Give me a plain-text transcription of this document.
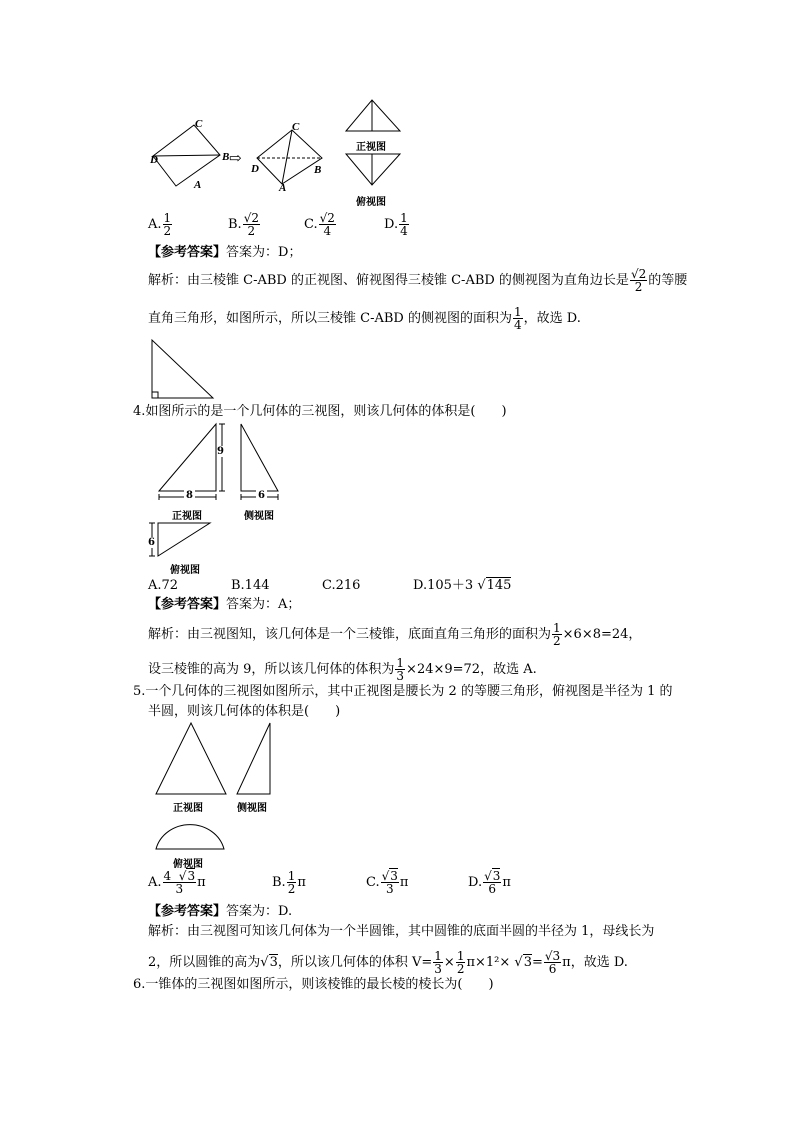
C
D	B
A
⇨
C
D	B
A
正视图
俯视图
A. $\frac{1}{2}$	B. $\frac{√2}{2}$	C. $\frac{√2}{4}$	D. $\frac{1}{4}$
【参考答案】答案为：D；
解析：由三棱锥 C-ABD 的正视图、俯视图得三棱锥 C-ABD 的侧视图为直角边长是 $\frac{√2}{2}$ 的等腰
直角三角形，如图所示，所以三棱锥 C-ABD 的侧视图的面积为 $\frac{1}{4}$ ，故选 D.
4.如图所示的是一个几何体的三视图，则该几何体的体积是(　　)
9
8
正视图
6
侧视图
6
俯视图
A.72	B.144	C.216	D.105＋3 √145
【参考答案】答案为：A；
解析：由三视图知，该几何体是一个三棱锥，底面直角三角形的面积为 $\frac{1}{2} \times 6\times 8=24$，
设三棱锥的高为 9，所以该几何体的体积为 $\frac{1}{3} \times 24\times 9=72$，故选 A.
5.一个几何体的三视图如图所示，其中正视图是腰长为 2 的等腰三角形，俯视图是半径为 1 的
半圆，则该几何体的体积是(　　)
正视图	侧视图
俯视图
A. $\frac{4 √3}{3}$ π	B. $\frac{1}{2}$ π	C. $\frac{√3}{3}$ π	D. $\frac{√3}{6}$ π
【参考答案】答案为：D.
解析：由三视图可知该几何体为一个半圆锥，其中圆锥的底面半圆的半径为 1，母线长为
2，所以圆锥的高为√3，所以该几何体的体积 $V= \frac{1}{3} \times \frac{1}{2} \pi\times 1^2\times √3= \frac{√3}{6}$ π，故选 D.
6.一锥体的三视图如图所示，则该棱锥的最长棱的棱长为(　　)
